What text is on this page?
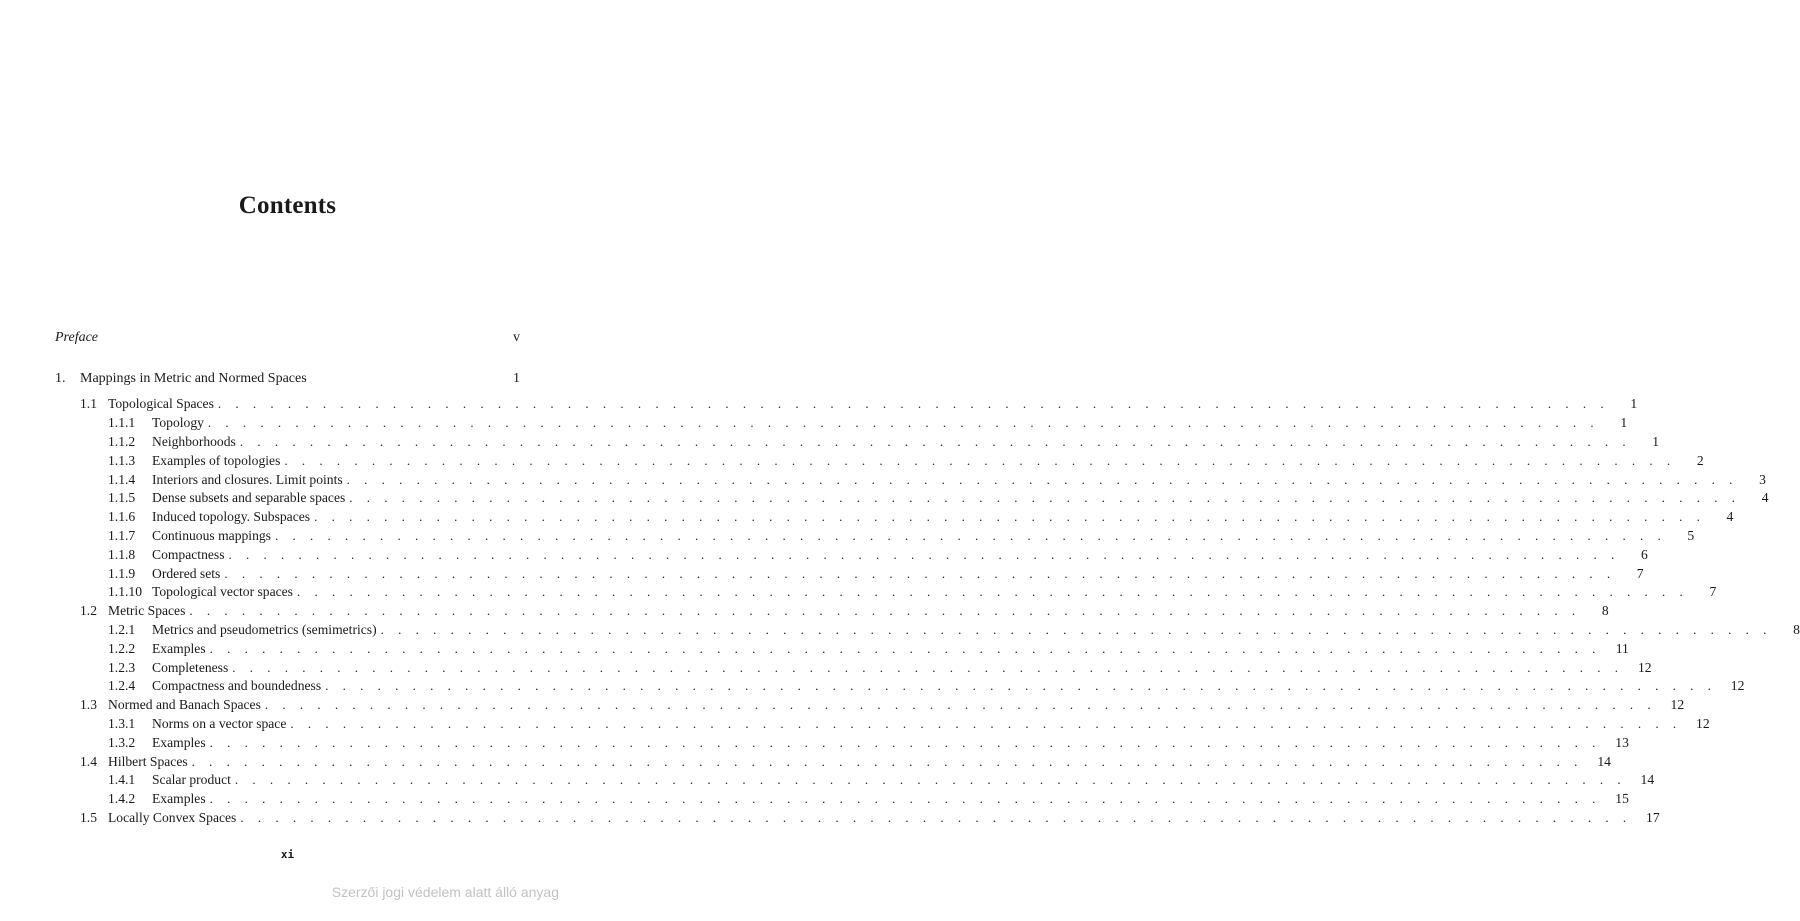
Contents
Preface	v
1.	Mappings in Metric and Normed Spaces	1
1.1 Topological Spaces . . . . . . . . . . . . . . . . . . . . . . . . . . . . . . . . . . . . . . . . . . . . . . . . . . . . . . . . . . . . . . . . . . . . . . . . . . . . . . . .	1
1.1.1	Topology . . . . . . . . . . . . . . . . . . . . . . . . . . . . . . . . . . . . . . . . . . . . . . . . . . . . . . . . . . . . . . . . . . . . . . . . . . . . . . . .	1
1.1.2	Neighborhoods . . . . . . . . . . . . . . . . . . . . . . . . . . . . . . . . . . . . . . . . . . . . . . . . . . . . . . . . . . . . . . . . . . . . . . . . . . . . . . . .	1
1.1.3	Examples of topologies . . . . . . . . . . . . . . . . . . . . . . . . . . . . . . . . . . . . . . . . . . . . . . . . . . . . . . . . . . . . . . . . . . . . . . . . . . . . . . . .	2
1.1.4	Interiors and closures. Limit points . . . . . . . . . . . . . . . . . . . . . . . . . . . . . . . . . . . . . . . . . . . . . . . . . . . . . . . . . . . . . . . . . . . . . . . . . . . . . . . .	3
1.1.5	Dense subsets and separable spaces . . . . . . . . . . . . . . . . . . . . . . . . . . . . . . . . . . . . . . . . . . . . . . . . . . . . . . . . . . . . . . . . . . . . . . . . . . . . . . . .	4
1.1.6	Induced topology. Subspaces . . . . . . . . . . . . . . . . . . . . . . . . . . . . . . . . . . . . . . . . . . . . . . . . . . . . . . . . . . . . . . . . . . . . . . . . . . . . . . . .	4
1.1.7	Continuous mappings . . . . . . . . . . . . . . . . . . . . . . . . . . . . . . . . . . . . . . . . . . . . . . . . . . . . . . . . . . . . . . . . . . . . . . . . . . . . . . . .	5
1.1.8	Compactness . . . . . . . . . . . . . . . . . . . . . . . . . . . . . . . . . . . . . . . . . . . . . . . . . . . . . . . . . . . . . . . . . . . . . . . . . . . . . . . .	6
1.1.9	Ordered sets . . . . . . . . . . . . . . . . . . . . . . . . . . . . . . . . . . . . . . . . . . . . . . . . . . . . . . . . . . . . . . . . . . . . . . . . . . . . . . . .	7
1.1.10 Topological vector spaces . . . . . . . . . . . . . . . . . . . . . . . . . . . . . . . . . . . . . . . . . . . . . . . . . . . . . . . . . . . . . . . . . . . . . . . . . . . . . . . .	7
1.2 Metric Spaces . . . . . . . . . . . . . . . . . . . . . . . . . . . . . . . . . . . . . . . . . . . . . . . . . . . . . . . . . . . . . . . . . . . . . . . . . . . . . . . .	8
1.2.1	Metrics and pseudometrics (semimetrics) . . . . . . . . . . . . . . . . . . . . . . . . . . . . . . . . . . . . . . . . . . . . . . . . . . . . . . . . . . . . . . . . . . . . . . . . . . . . . . . .	8
1.2.2	Examples . . . . . . . . . . . . . . . . . . . . . . . . . . . . . . . . . . . . . . . . . . . . . . . . . . . . . . . . . . . . . . . . . . . . . . . . . . . . . . . .	11
1.2.3	Completeness . . . . . . . . . . . . . . . . . . . . . . . . . . . . . . . . . . . . . . . . . . . . . . . . . . . . . . . . . . . . . . . . . . . . . . . . . . . . . . . .	12
1.2.4	Compactness and boundedness . . . . . . . . . . . . . . . . . . . . . . . . . . . . . . . . . . . . . . . . . . . . . . . . . . . . . . . . . . . . . . . . . . . . . . . . . . . . . . . .	12
1.3 Normed and Banach Spaces . . . . . . . . . . . . . . . . . . . . . . . . . . . . . . . . . . . . . . . . . . . . . . . . . . . . . . . . . . . . . . . . . . . . . . . . . . . . . . . .	12
1.3.1	Norms on a vector space . . . . . . . . . . . . . . . . . . . . . . . . . . . . . . . . . . . . . . . . . . . . . . . . . . . . . . . . . . . . . . . . . . . . . . . . . . . . . . . .	12
1.3.2	Examples . . . . . . . . . . . . . . . . . . . . . . . . . . . . . . . . . . . . . . . . . . . . . . . . . . . . . . . . . . . . . . . . . . . . . . . . . . . . . . . .	13
1.4 Hilbert Spaces . . . . . . . . . . . . . . . . . . . . . . . . . . . . . . . . . . . . . . . . . . . . . . . . . . . . . . . . . . . . . . . . . . . . . . . . . . . . . . . .	14
1.4.1	Scalar product . . . . . . . . . . . . . . . . . . . . . . . . . . . . . . . . . . . . . . . . . . . . . . . . . . . . . . . . . . . . . . . . . . . . . . . . . . . . . . . .	14
1.4.2	Examples . . . . . . . . . . . . . . . . . . . . . . . . . . . . . . . . . . . . . . . . . . . . . . . . . . . . . . . . . . . . . . . . . . . . . . . . . . . . . . . .	15
1.5 Locally Convex Spaces . . . . . . . . . . . . . . . . . . . . . . . . . . . . . . . . . . . . . . . . . . . . . . . . . . . . . . . . . . . . . . . . . . . . . . . . . . . . . . . .	17
xi
Szerzői jogi védelem alatt álló anyag
